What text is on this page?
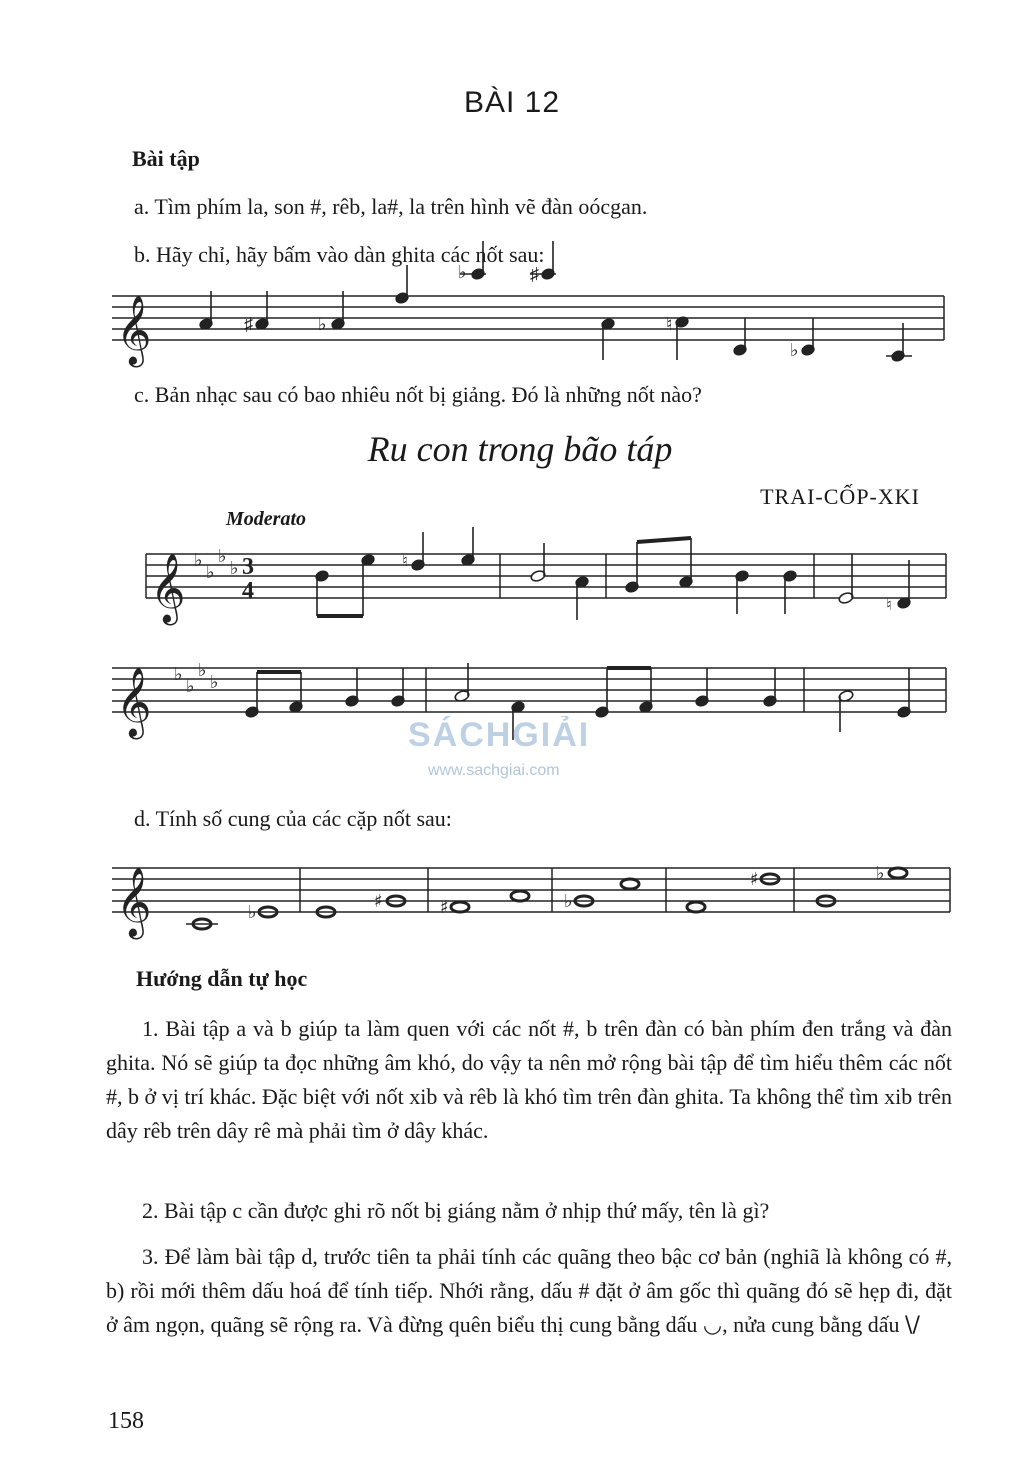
BÀI 12
Bài tập
a. Tìm phím la, son #, rêb, la#, la trên hình vẽ đàn oócgan.
b. Hãy chỉ, hãy bấm vào dàn ghita các nốt sau:
𝄞	♯	♭
♭	♯
♮
♭
c. Bản nhạc sau có bao nhiêu nốt bị giảng. Đó là những nốt nào?
Ru con trong bão táp
TRAI-CỐP-XKI
Moderato
𝄞 ♭
♭
♭
♭ 3
4
♮
♮
𝄞 ♭
♭
♭
♭
SÁCHGIẢI
www.sachgiai.com
d. Tính số cung của các cặp nốt sau:
𝄞	♭
♯	♯	♭
♯	♭
Hướng dẫn tự học
1. Bài tập a và b giúp ta làm quen với các nốt #, b trên đàn có bàn phím đen trắng và đàn ghita. Nó sẽ giúp ta đọc những âm khó, do vậy ta nên mở rộng bài tập để tìm hiểu thêm các nốt #, b ở vị trí khác. Đặc biệt với nốt xib và rêb là khó tìm trên đàn ghita. Ta không thể tìm xib trên dây rêb trên dây rê mà phải tìm ở dây khác.
2. Bài tập c cần được ghi rõ nốt bị giáng nằm ở nhịp thứ mấy, tên là gì?
3. Để làm bài tập d, trước tiên ta phải tính các quãng theo bậc cơ bản (nghiã là không có #, b) rồi mới thêm dấu hoá để tính tiếp. Nhới rằng, dấu # đặt ở âm gốc thì quãng đó sẽ hẹp đi, đặt ở âm ngọn, quãng sẽ rộng ra. Và đừng quên biểu thị cung bằng dấu ◡, nửa cung bằng dấu \/
158
